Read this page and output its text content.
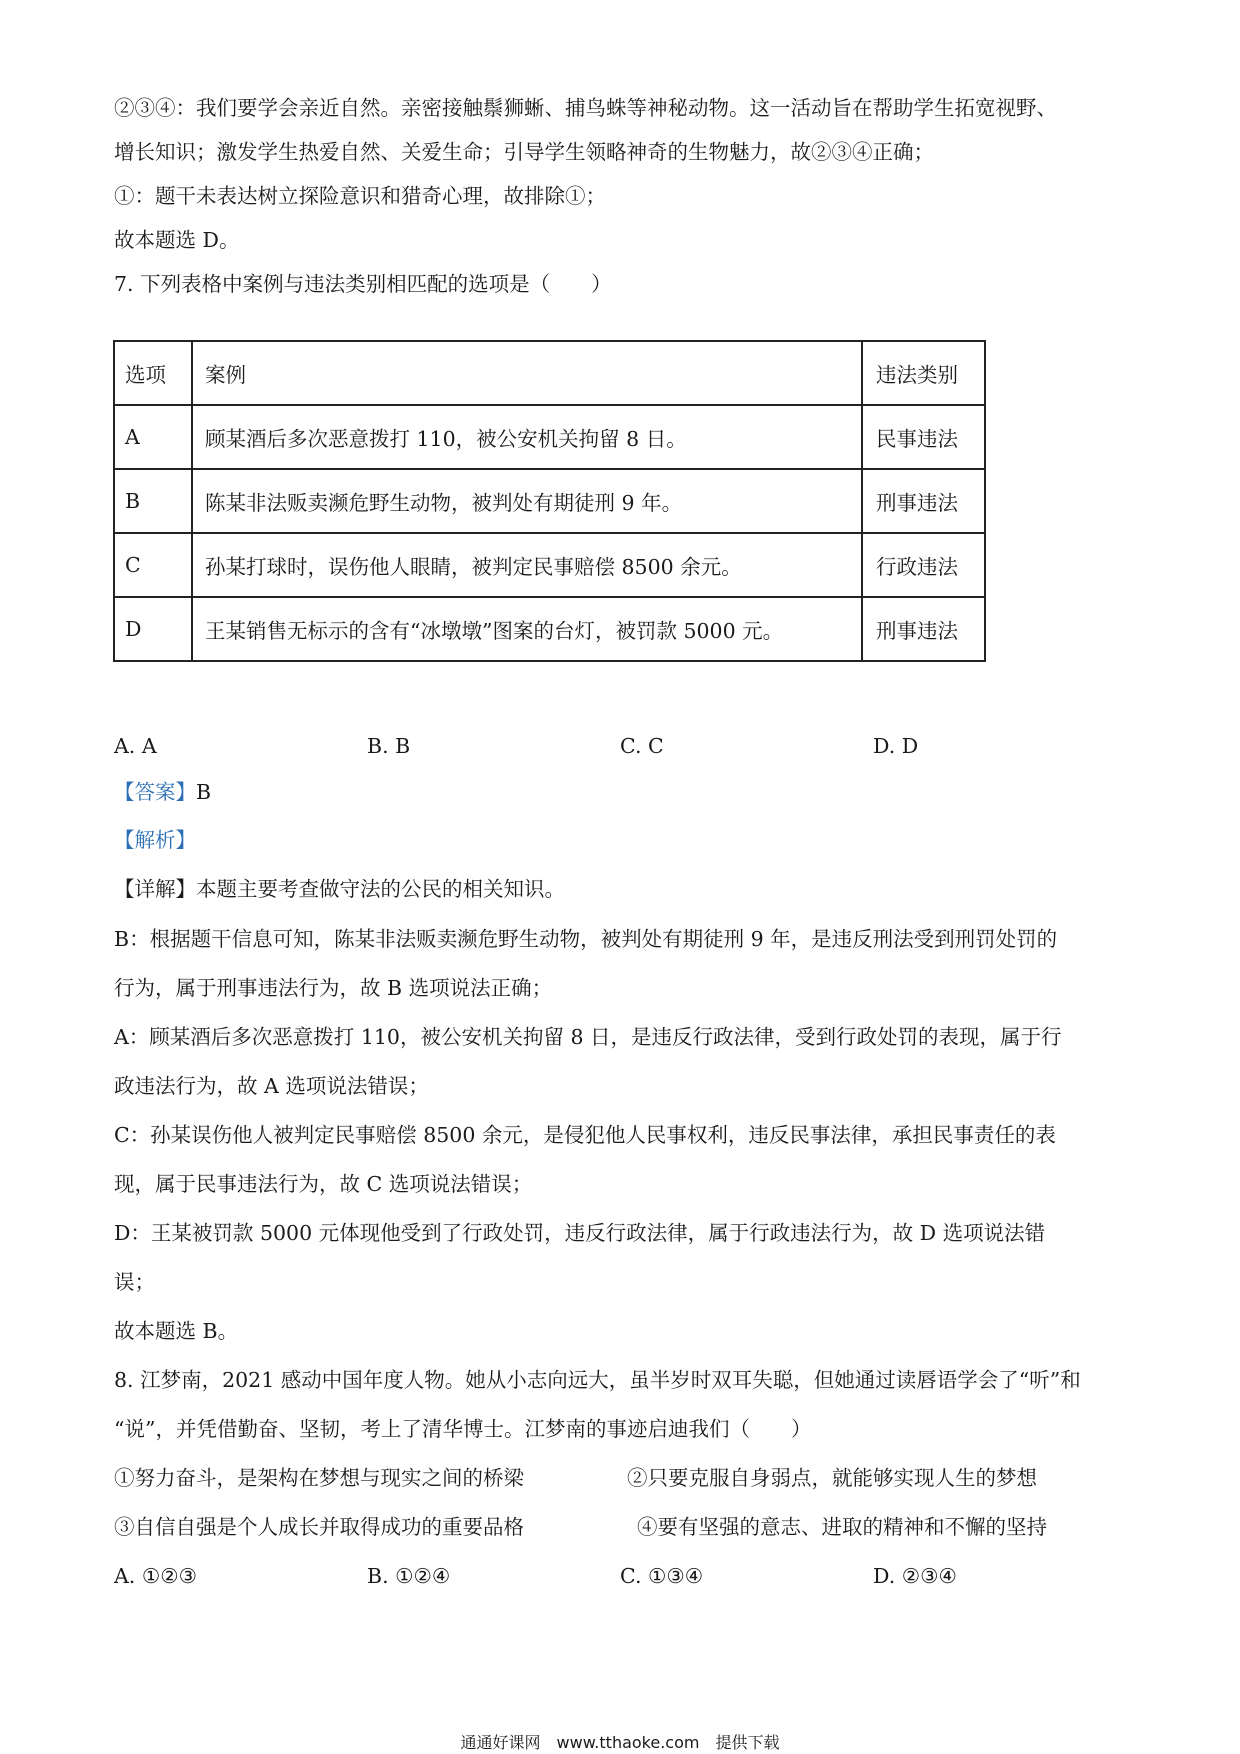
②③④：我们要学会亲近自然。亲密接触鬃狮蜥、捕鸟蛛等神秘动物。这一活动旨在帮助学生拓宽视野、
增长知识；激发学生热爱自然、关爱生命；引导学生领略神奇的生物魅力，故②③④正确；
①：题干未表达树立探险意识和猎奇心理，故排除①；
故本题选 D。
7. 下列表格中案例与违法类别相匹配的选项是（　　）
选项	案例	违法类别
A	顾某酒后多次恶意拨打 110，被公安机关拘留 8 日。	民事违法
B	陈某非法贩卖濒危野生动物，被判处有期徒刑 9 年。	刑事违法
C	孙某打球时，误伤他人眼睛，被判定民事赔偿 8500 余元。	行政违法
D	王某销售无标示的含有“冰墩墩”图案的台灯，被罚款 5000 元。	刑事违法
A. A	B. B	C. C	D. D
【答案】B
【解析】
【详解】本题主要考查做守法的公民的相关知识。
B：根据题干信息可知，陈某非法贩卖濒危野生动物，被判处有期徒刑 9 年，是违反刑法受到刑罚处罚的
行为，属于刑事违法行为，故 B 选项说法正确；
A：顾某酒后多次恶意拨打 110，被公安机关拘留 8 日，是违反行政法律，受到行政处罚的表现，属于行
政违法行为，故 A 选项说法错误；
C：孙某误伤他人被判定民事赔偿 8500 余元，是侵犯他人民事权利，违反民事法律，承担民事责任的表
现，属于民事违法行为，故 C 选项说法错误；
D：王某被罚款 5000 元体现他受到了行政处罚，违反行政法律，属于行政违法行为，故 D 选项说法错
误；
故本题选 B。
8. 江梦南，2021 感动中国年度人物。她从小志向远大，虽半岁时双耳失聪，但她通过读唇语学会了“听”和
“说”，并凭借勤奋、坚韧，考上了清华博士。江梦南的事迹启迪我们（　　）
①努力奋斗，是架构在梦想与现实之间的桥梁	②只要克服自身弱点，就能够实现人生的梦想
③自信自强是个人成长并取得成功的重要品格	④要有坚强的意志、进取的精神和不懈的坚持
A. ①②③	B. ①②④	C. ①③④	D. ②③④
通通好课网　www.tthaoke.com　提供下载
